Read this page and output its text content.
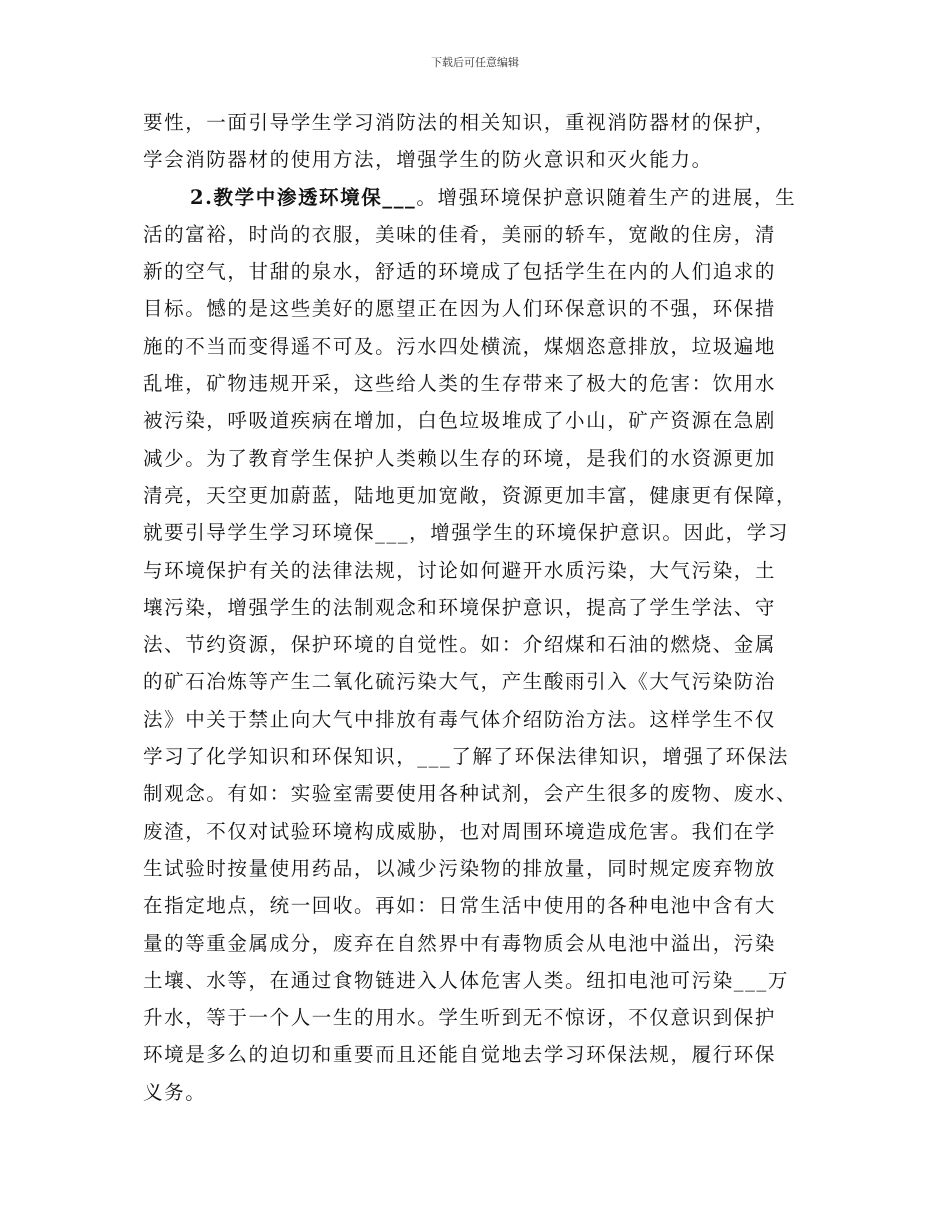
下载后可任意编辑
要性，一面引导学生学习消防法的相关知识，重视消防器材的保护，
学会消防器材的使用方法，增强学生的防火意识和灭火能力。
2.教学中渗透环境保___。增强环境保护意识随着生产的进展，生
活的富裕，时尚的衣服，美味的佳肴，美丽的轿车，宽敞的住房，清
新的空气，甘甜的泉水，舒适的环境成了包括学生在内的人们追求的
目标。憾的是这些美好的愿望正在因为人们环保意识的不强，环保措
施的不当而变得遥不可及。污水四处横流，煤烟恣意排放，垃圾遍地
乱堆，矿物违规开采，这些给人类的生存带来了极大的危害：饮用水
被污染，呼吸道疾病在增加，白色垃圾堆成了小山，矿产资源在急剧
减少。为了教育学生保护人类赖以生存的环境，是我们的水资源更加
清亮，天空更加蔚蓝，陆地更加宽敞，资源更加丰富，健康更有保障，
就要引导学生学习环境保___，增强学生的环境保护意识。因此，学习
与环境保护有关的法律法规，讨论如何避开水质污染，大气污染，土
壤污染，增强学生的法制观念和环境保护意识，提高了学生学法、守
法、节约资源，保护环境的自觉性。如：介绍煤和石油的燃烧、金属
的矿石冶炼等产生二氧化硫污染大气，产生酸雨引入《大气污染防治
法》中关于禁止向大气中排放有毒气体介绍防治方法。这样学生不仅
学习了化学知识和环保知识，___了解了环保法律知识，增强了环保法
制观念。有如：实验室需要使用各种试剂，会产生很多的废物、废水、
废渣，不仅对试验环境构成威胁，也对周围环境造成危害。我们在学
生试验时按量使用药品，以减少污染物的排放量，同时规定废弃物放
在指定地点，统一回收。再如：日常生活中使用的各种电池中含有大
量的等重金属成分，废弃在自然界中有毒物质会从电池中溢出，污染
土壤、水等，在通过食物链进入人体危害人类。纽扣电池可污染___万
升水，等于一个人一生的用水。学生听到无不惊讶，不仅意识到保护
环境是多么的迫切和重要而且还能自觉地去学习环保法规，履行环保
义务。
